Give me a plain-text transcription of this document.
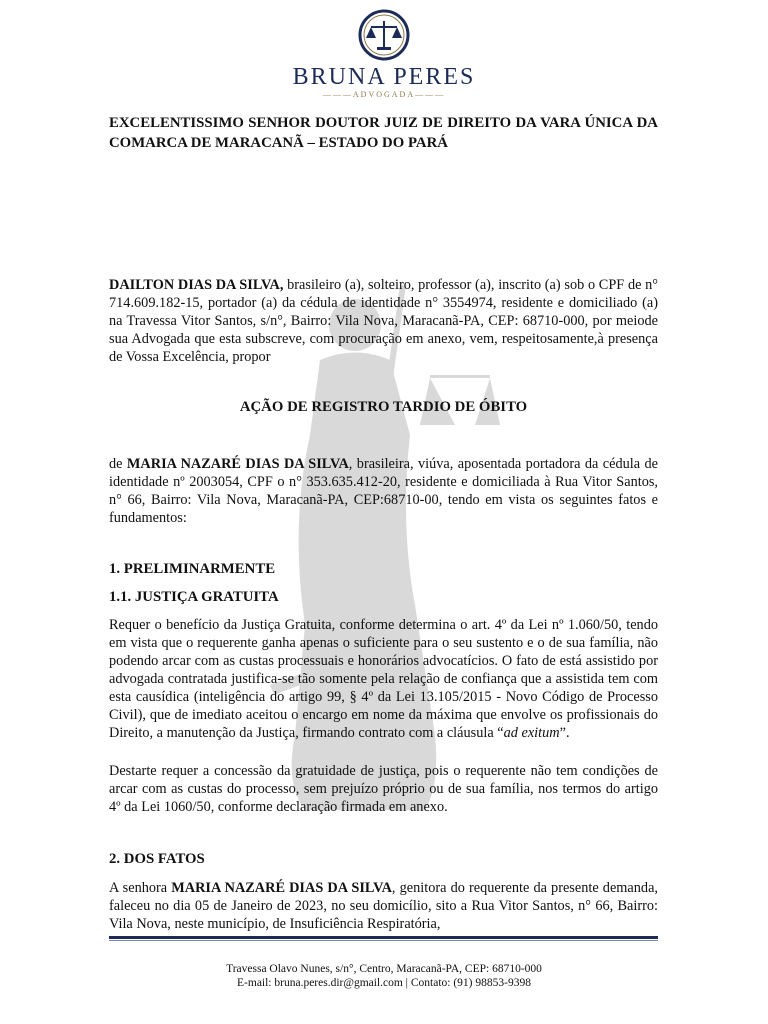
BRUNA PERES
———ADVOGADA———
EXCELENTISSIMO SENHOR DOUTOR JUIZ DE DIREITO DA VARA ÚNICA DA COMARCA DE MARACANÃ – ESTADO DO PARÁ
DAILTON DIAS DA SILVA, brasileiro (a), solteiro, professor (a), inscrito (a) sob o CPF de n° 714.609.182-15, portador (a) da cédula de identidade n° 3554974, residente e domiciliado (a) na Travessa Vitor Santos, s/n°, Bairro: Vila Nova, Maracanã-PA, CEP: 68710-000, por meiode sua Advogada que esta subscreve, com procuração em anexo, vem, respeitosamente,à presença de Vossa Excelência, propor
AÇÃO DE REGISTRO TARDIO DE ÓBITO
de MARIA NAZARÉ DIAS DA SILVA, brasileira, viúva, aposentada portadora da cédula de identidade nº 2003054, CPF o n° 353.635.412-20, residente e domiciliada à Rua Vitor Santos, n° 66, Bairro: Vila Nova, Maracanã-PA, CEP:68710-00, tendo em vista os seguintes fatos e fundamentos:
1. PRELIMINARMENTE
1.1. JUSTIÇA GRATUITA
Requer o benefício da Justiça Gratuita, conforme determina o art. 4º da Lei nº 1.060/50, tendo em vista que o requerente ganha apenas o suficiente para o seu sustento e o de sua família, não podendo arcar com as custas processuais e honorários advocatícios. O fato de está assistido por advogada contratada justifica-se tão somente pela relação de confiança que a assistida tem com esta causídica (inteligência do artigo 99, § 4º da Lei 13.105/2015 - Novo Código de Processo Civil), que de imediato aceitou o encargo em nome da máxima que envolve os profissionais do Direito, a manutenção da Justiça, firmando contrato com a cláusula “ad exitum”.
Destarte requer a concessão da gratuidade de justiça, pois o requerente não tem condições de arcar com as custas do processo, sem prejuízo próprio ou de sua família, nos termos do artigo 4º da Lei 1060/50, conforme declaração firmada em anexo.
2. DOS FATOS
A senhora MARIA NAZARÉ DIAS DA SILVA, genitora do requerente da presente demanda, faleceu no dia 05 de Janeiro de 2023, no seu domicílio, sito a Rua Vitor Santos, n° 66, Bairro: Vila Nova, neste município, de Insuficiência Respiratória,
Travessa Olavo Nunes, s/n°, Centro, Maracanã-PA, CEP: 68710-000
E-mail: bruna.peres.dir@gmail.com | Contato: (91) 98853-9398
